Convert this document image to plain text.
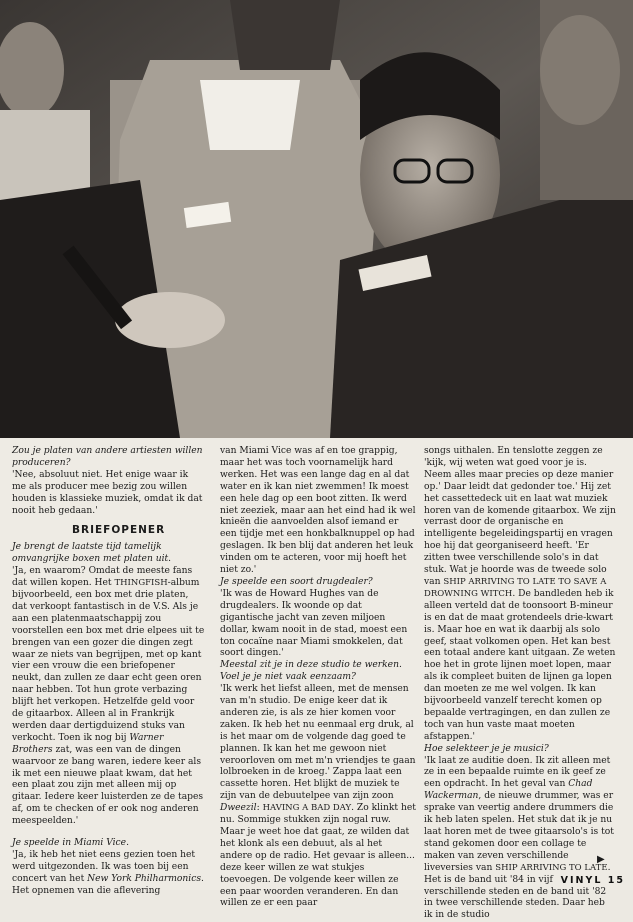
Zou je platen van andere artiesten willen produceren?

'Nee, absoluut niet. Het enige waar ik me als producer mee bezig zou willen houden is klassieke muziek, omdat ik dat nooit heb gedaan.'

BRIEFOPENER

Je brengt de laatste tijd tamelijk omvangrijke boxen met platen uit.

'Ja, en waarom? Omdat de meeste fans dat willen kopen. Het THINGFISH-album bijvoorbeeld, een box met drie platen, dat verkoopt fantastisch in de V.S. Als je aan een platenmaatschappij zou voorstellen een box met drie elpees uit te brengen van een gozer die dingen zegt waar ze niets van begrijpen, met op kant vier een vrouw die een briefopener neukt, dan zullen ze daar echt geen oren naar hebben. Tot hun grote verbazing blijft het verkopen. Hetzelfde geld voor de gitaarbox. Alleen al in Frankrijk werden daar dertigduizend stuks van verkocht. Toen ik nog bij Warner Brothers zat, was een van de dingen waarvoor ze bang waren, iedere keer als ik met een nieuwe plaat kwam, dat het een plaat zou zijn met alleen mij op gitaar. Iedere keer luisterden ze de tapes af, om te checken of er ook nog anderen meespeelden.'

Je speelde in Miami Vice.

'Ja, ik heb het niet eens gezien toen het werd uitgezonden. Ik was toen bij een concert van het New York Philharmonics. Het opnemen van die aflevering

van Miami Vice was af en toe grappig, maar het was toch voornamelijk hard werken. Het was een lange dag en al dat water en ik kan niet zwemmen! Ik moest een hele dag op een boot zitten. Ik werd niet zeeziek, maar aan het eind had ik wel knieën die aanvoelden alsof iemand er een tijdje met een honkbalknuppel op had geslagen. Ik ben blij dat anderen het leuk vinden om te acteren, voor mij hoeft het niet zo.'

Je speelde een soort drugdealer?

'Ik was de Howard Hughes van de drugdealers. Ik woonde op dat gigantische jacht van zeven miljoen dollar, kwam nooit in de stad, moest een ton cocaïne naar Miami smokkelen, dat soort dingen.'

Meestal zit je in deze studio te werken. Voel je je niet vaak eenzaam?

'Ik werk het liefst alleen, met de mensen van m'n studio. De enige keer dat ik anderen zie, is als ze hier komen voor zaken. Ik heb het nu eenmaal erg druk, al is het maar om de volgende dag goed te plannen. Ik kan het me gewoon niet veroorloven om met m'n vriendjes te gaan lolbroeken in de kroeg.' Zappa laat een cassette horen. Het blijkt de muziek te zijn van de debuutelpee van zijn zoon Dweezil: HAVING A BAD DAY. Zo klinkt het nu. Sommige stukken zijn nogal ruw. Maar je weet hoe dat gaat, ze wilden dat het klonk als een debuut, als al het andere op de radio. Het gevaar is alleen... deze keer willen ze wat stukjes toevoegen. De volgende keer willen ze een paar woorden veranderen. En dan willen ze er een paar

songs uithalen. En tenslotte zeggen ze 'kijk, wij weten wat goed voor je is. Neem alles maar precies op deze manier op.' Daar leidt dat gedonder toe.' Hij zet het cassettedeck uit en laat wat muziek horen van de komende gitaarbox. We zijn verrast door de organische en intelligente begeleidingspartij en vragen hoe hij dat georganiseerd heeft. 'Er zitten twee verschillende solo's in dat stuk. Wat je hoorde was de tweede solo van SHIP ARRIVING TO LATE TO SAVE A DROWNING WITCH. De bandleden heb ik alleen verteld dat de toonsoort B-mineur is en dat de maat grotendeels drie-kwart is. Maar hoe en wat ik daarbij als solo geef, staat volkomen open. Het kan best een totaal andere kant uitgaan. Ze weten hoe het in grote lijnen moet lopen, maar als ik compleet buiten de lijnen ga lopen dan moeten ze me wel volgen. Ik kan bijvoorbeeld vanzelf terecht komen op bepaalde vertragingen, en dan zullen ze toch van hun vaste maat moeten afstappen.'

Hoe selekteer je je musici?

'Ik laat ze auditie doen. Ik zit alleen met ze in een bepaalde ruimte en ik geef ze een opdracht. In het geval van Chad Wackerman, de nieuwe drummer, was er sprake van veertig andere drummers die ik heb laten spelen. Het stuk dat ik je nu laat horen met de twee gitaarsolo's is tot stand gekomen door een collage te maken van zeven verschillende liveversies van SHIP ARRIVING TO LATE. Het is de band uit '84 in vijf verschillende steden en de band uit '82 in twee verschillende steden. Daar heb ik in de studio

▶
VINYL 15
